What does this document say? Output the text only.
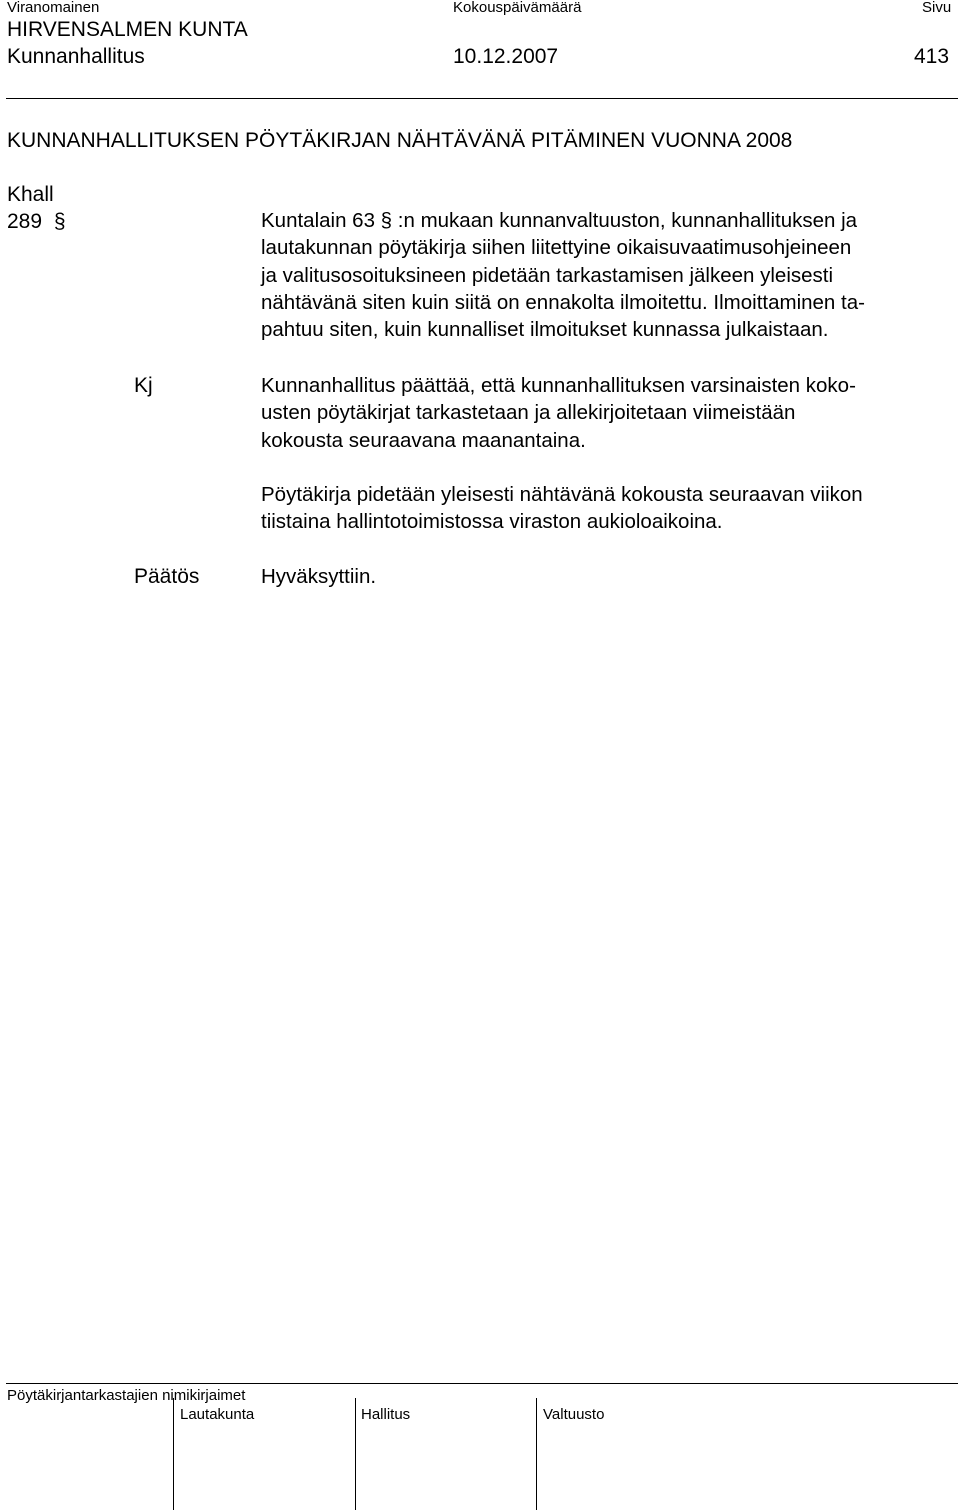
Viranomainen	Kokouspäivämäärä	Sivu
HIRVENSALMEN KUNTA
Kunnanhallitus	10.12.2007	413
KUNNANHALLITUKSEN PÖYTÄKIRJAN NÄHTÄVÄNÄ PITÄMINEN VUONNA 2008
Khall
289 §	Kuntalain 63 § :n mukaan kunnanvaltuuston, kunnanhallituksen ja
lautakunnan pöytäkirja siihen liitettyine oikaisuvaatimusohjeineen
ja valitusosoituksineen pidetään tarkastamisen jälkeen yleisesti
nähtävänä siten kuin siitä on ennakolta ilmoitettu. Ilmoittaminen ta-
pahtuu siten, kuin kunnalliset ilmoitukset kunnassa julkaistaan.
Kj	Kunnanhallitus päättää, että kunnanhallituksen varsinaisten koko-
usten pöytäkirjat tarkastetaan ja allekirjoitetaan viimeistään
kokousta seuraavana maanantaina.
Pöytäkirja pidetään yleisesti nähtävänä kokousta seuraavan viikon
tiistaina hallintotoimistossa viraston aukioloaikoina.
Päätös	Hyväksyttiin.
Pöytäkirjantarkastajien nimikirjaimet
Lautakunta	Hallitus	Valtuusto
